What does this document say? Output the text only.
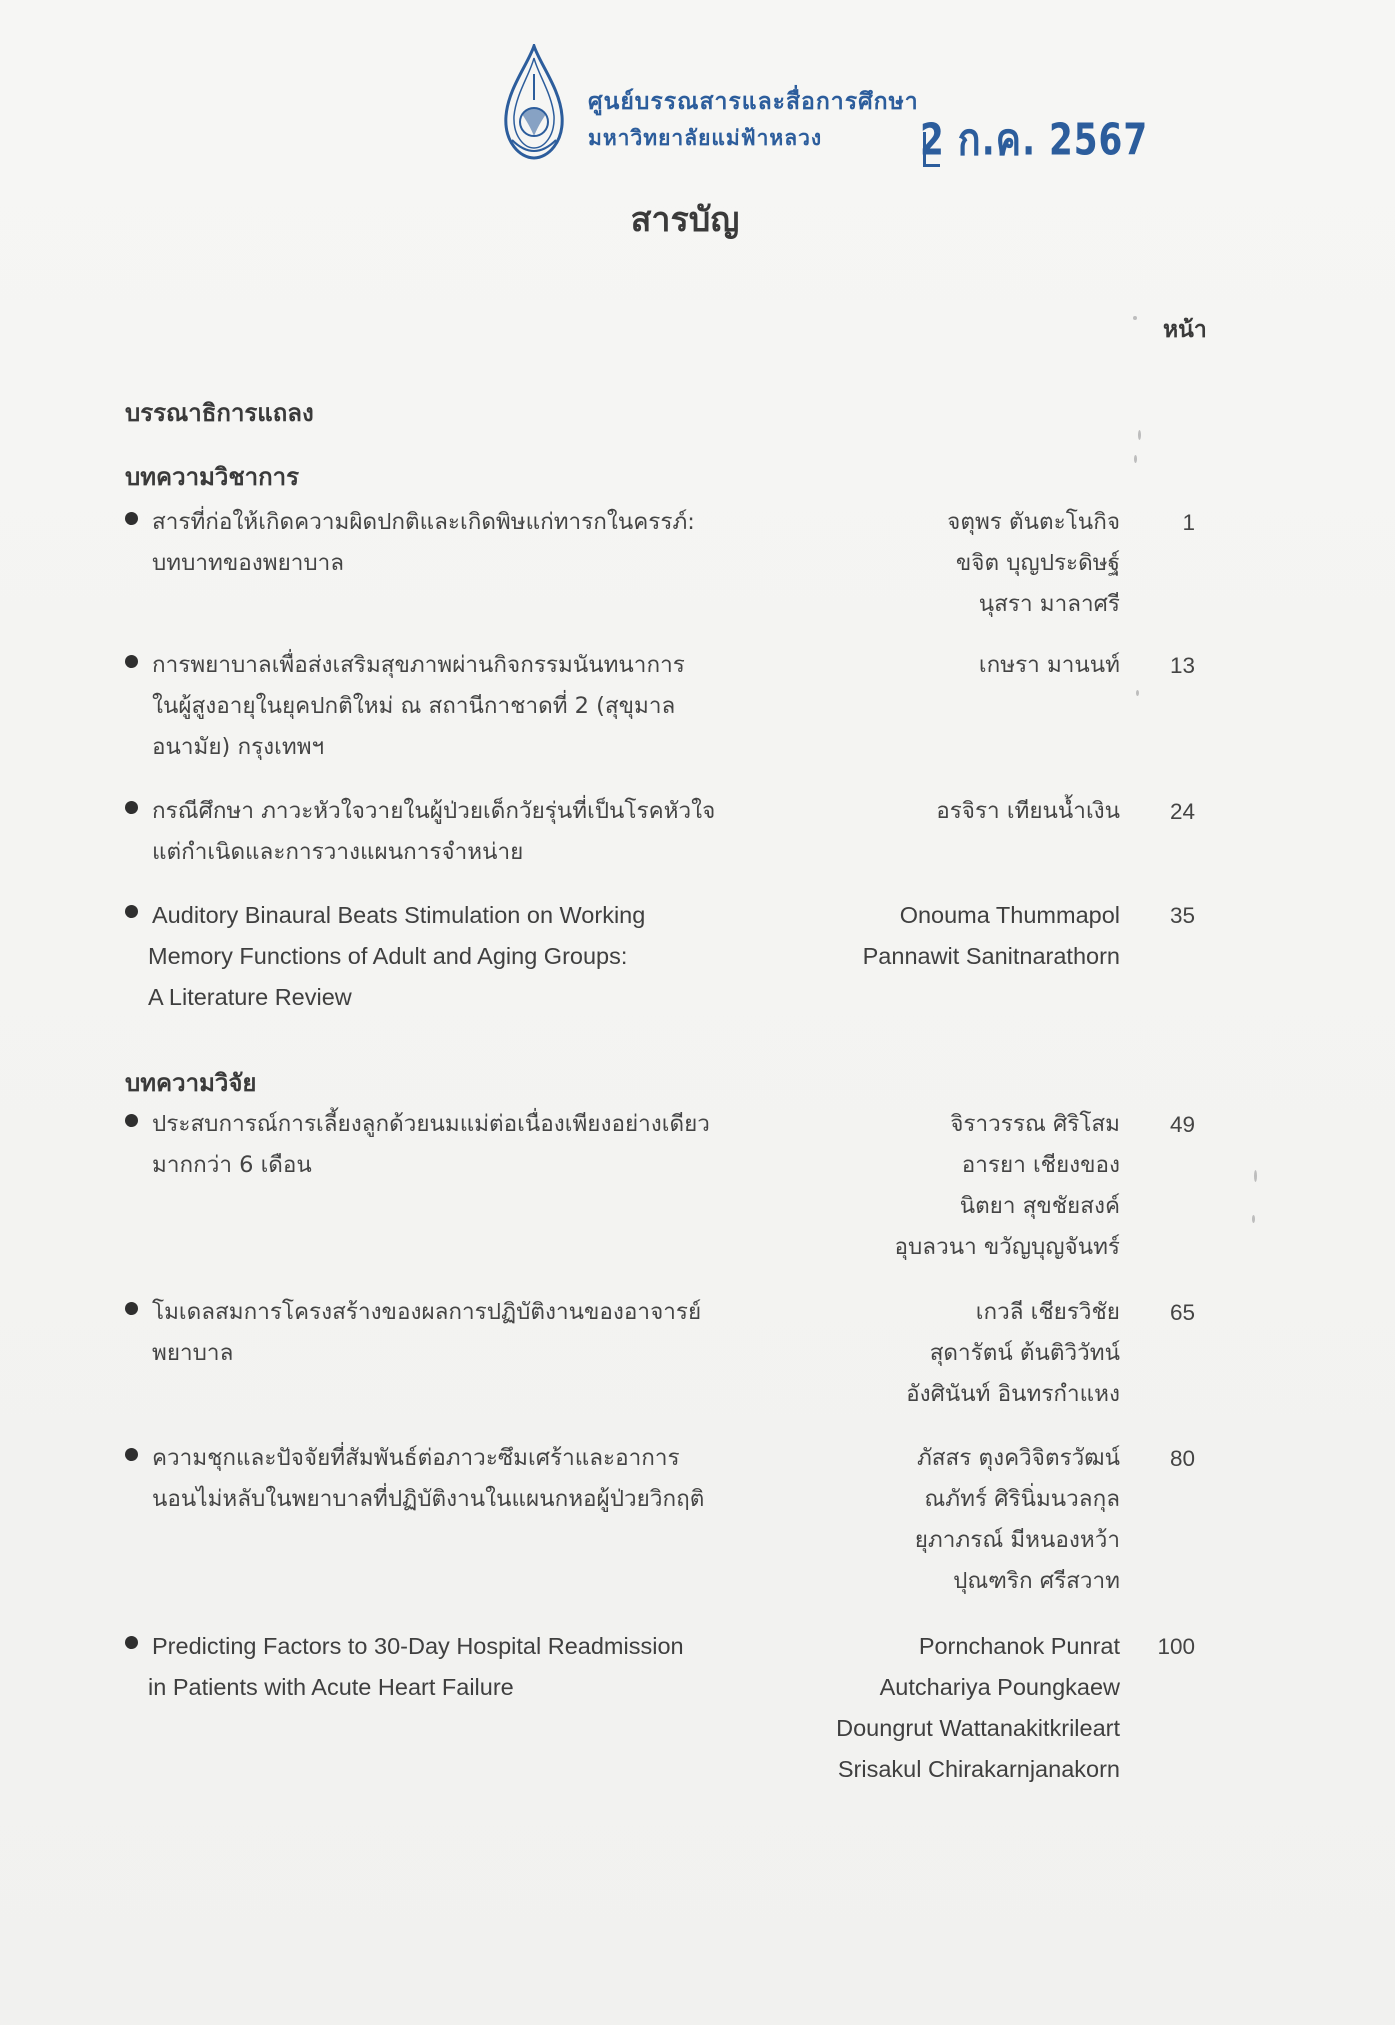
ศูนย์บรรณสารและสื่อการศึกษา
มหาวิทยาลัยแม่ฟ้าหลวง	2 ก.ค. 2567
สารบัญ
หน้า
บรรณาธิการแถลง
บทความวิชาการ
สารที่ก่อให้เกิดความผิดปกติและเกิดพิษแก่ทารกในครรภ์:
บทบาทของพยาบาล
จตุพร ตันตะโนกิจ
ขจิต บุญประดิษฐ์
นุสรา มาลาศรี
1
การพยาบาลเพื่อส่งเสริมสุขภาพผ่านกิจกรรมนันทนาการ
ในผู้สูงอายุในยุคปกติใหม่ ณ สถานีกาชาดที่ 2 (สุขุมาล
อนามัย) กรุงเทพฯ
เกษรา มานนท์ 13
กรณีศึกษา ภาวะหัวใจวายในผู้ป่วยเด็กวัยรุ่นที่เป็นโรคหัวใจ
แต่กำเนิดและการวางแผนการจำหน่าย
อรจิรา เทียนน้ำเงิน 24
Auditory Binaural Beats Stimulation on Working
Memory Functions of Adult and Aging Groups:
A Literature Review
Onouma Thummapol
Pannawit Sanitnarathorn
35
บทความวิจัย
ประสบการณ์การเลี้ยงลูกด้วยนมแม่ต่อเนื่องเพียงอย่างเดียว
มากกว่า 6 เดือน
จิราวรรณ ศิริโสม
อารยา เชียงของ
นิตยา สุขชัยสงค์
อุบลวนา ขวัญบุญจันทร์
49
โมเดลสมการโครงสร้างของผลการปฏิบัติงานของอาจารย์
พยาบาล
เกวลี เชียรวิชัย
สุดารัตน์ ต้นติวิวัทน์
อังศินันท์ อินทรกำแหง
65
ความชุกและปัจจัยที่สัมพันธ์ต่อภาวะซึมเศร้าและอาการ
นอนไม่หลับในพยาบาลที่ปฏิบัติงานในแผนกหอผู้ป่วยวิกฤติ
ภัสสร ตุงควิจิตรวัฒน์
ณภัทร์ ศิรินิ่มนวลกุล
ยุภาภรณ์ มีหนองหว้า
ปุณฑริก ศรีสวาท
80
Predicting Factors to 30-Day Hospital Readmission
in Patients with Acute Heart Failure
Pornchanok Punrat
Autchariya Poungkaew
Doungrut Wattanakitkrileart
Srisakul Chirakarnjanakorn
100
